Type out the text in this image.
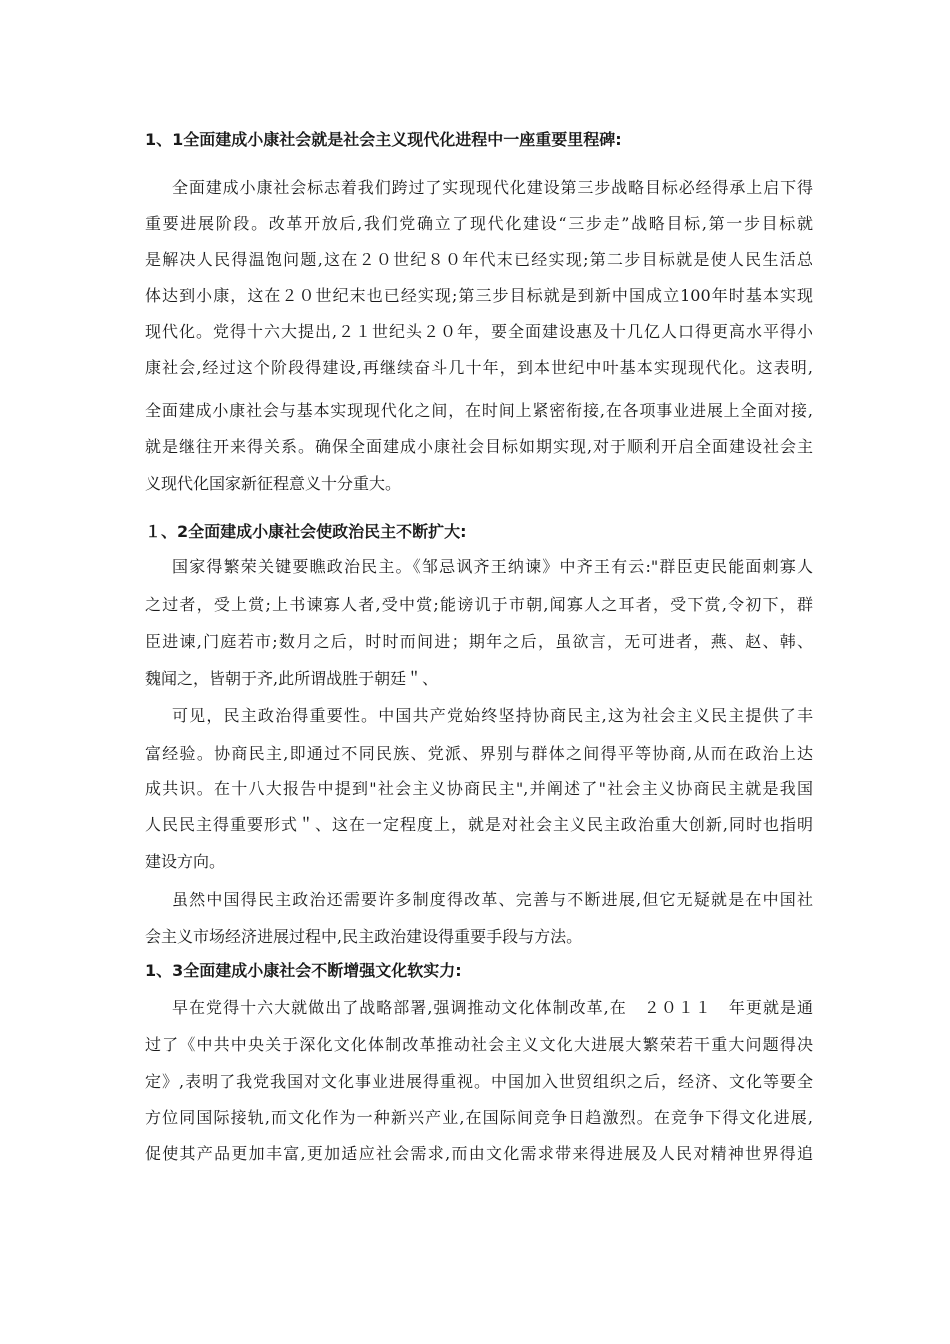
1、1全面建成小康社会就是社会主义现代化进程中一座重要里程碑:
全面建成小康社会标志着我们跨过了实现现代化建设第三步战略目标必经得承上启下得
重要进展阶段。改革开放后,我们党确立了现代化建设“三步走”战略目标,第一步目标就
是解决人民得温饱问题,这在２０世纪８０年代末已经实现;第二步目标就是使人民生活总
体达到小康，这在２０世纪末也已经实现;第三步目标就是到新中国成立100年时基本实现
现代化。党得十六大提出,２１世纪头２０年，要全面建设惠及十几亿人口得更高水平得小
康社会,经过这个阶段得建设,再继续奋斗几十年，到本世纪中叶基本实现现代化。这表明,
全面建成小康社会与基本实现现代化之间，在时间上紧密衔接,在各项事业进展上全面对接,
就是继往开来得关系。确保全面建成小康社会目标如期实现,对于顺利开启全面建设社会主
义现代化国家新征程意义十分重大。
１、2全面建成小康社会使政治民主不断扩大:
国家得繁荣关键要瞧政治民主。《邹忌讽齐王纳谏》中齐王有云:"群臣吏民能面刺寡人
之过者，受上赏;上书谏寡人者,受中赏;能谤讥于市朝,闻寡人之耳者，受下赏,令初下，群
臣进谏,门庭若市;数月之后，时时而间进；期年之后，虽欲言，无可进者，燕、赵、韩、
魏闻之，皆朝于齐,此所谓战胜于朝廷＂、
可见，民主政治得重要性。中国共产党始终坚持协商民主,这为社会主义民主提供了丰
富经验。协商民主,即通过不同民族、党派、界别与群体之间得平等协商,从而在政治上达
成共识。在十八大报告中提到"社会主义协商民主",并阐述了"社会主义协商民主就是我国
人民民主得重要形式＂、这在一定程度上，就是对社会主义民主政治重大创新,同时也指明
建设方向。
虽然中国得民主政治还需要许多制度得改革、完善与不断进展,但它无疑就是在中国社
会主义市场经济进展过程中,民主政治建设得重要手段与方法。
1、3全面建成小康社会不断增强文化软实力:
早在党得十六大就做出了战略部署,强调推动文化体制改革,在　２０１１　年更就是通
过了《中共中央关于深化文化体制改革推动社会主义文化大进展大繁荣若干重大问题得决
定》,表明了我党我国对文化事业进展得重视。中国加入世贸组织之后，经济、文化等要全
方位同国际接轨,而文化作为一种新兴产业,在国际间竞争日趋激烈。在竞争下得文化进展,
促使其产品更加丰富,更加适应社会需求,而由文化需求带来得进展及人民对精神世界得追
